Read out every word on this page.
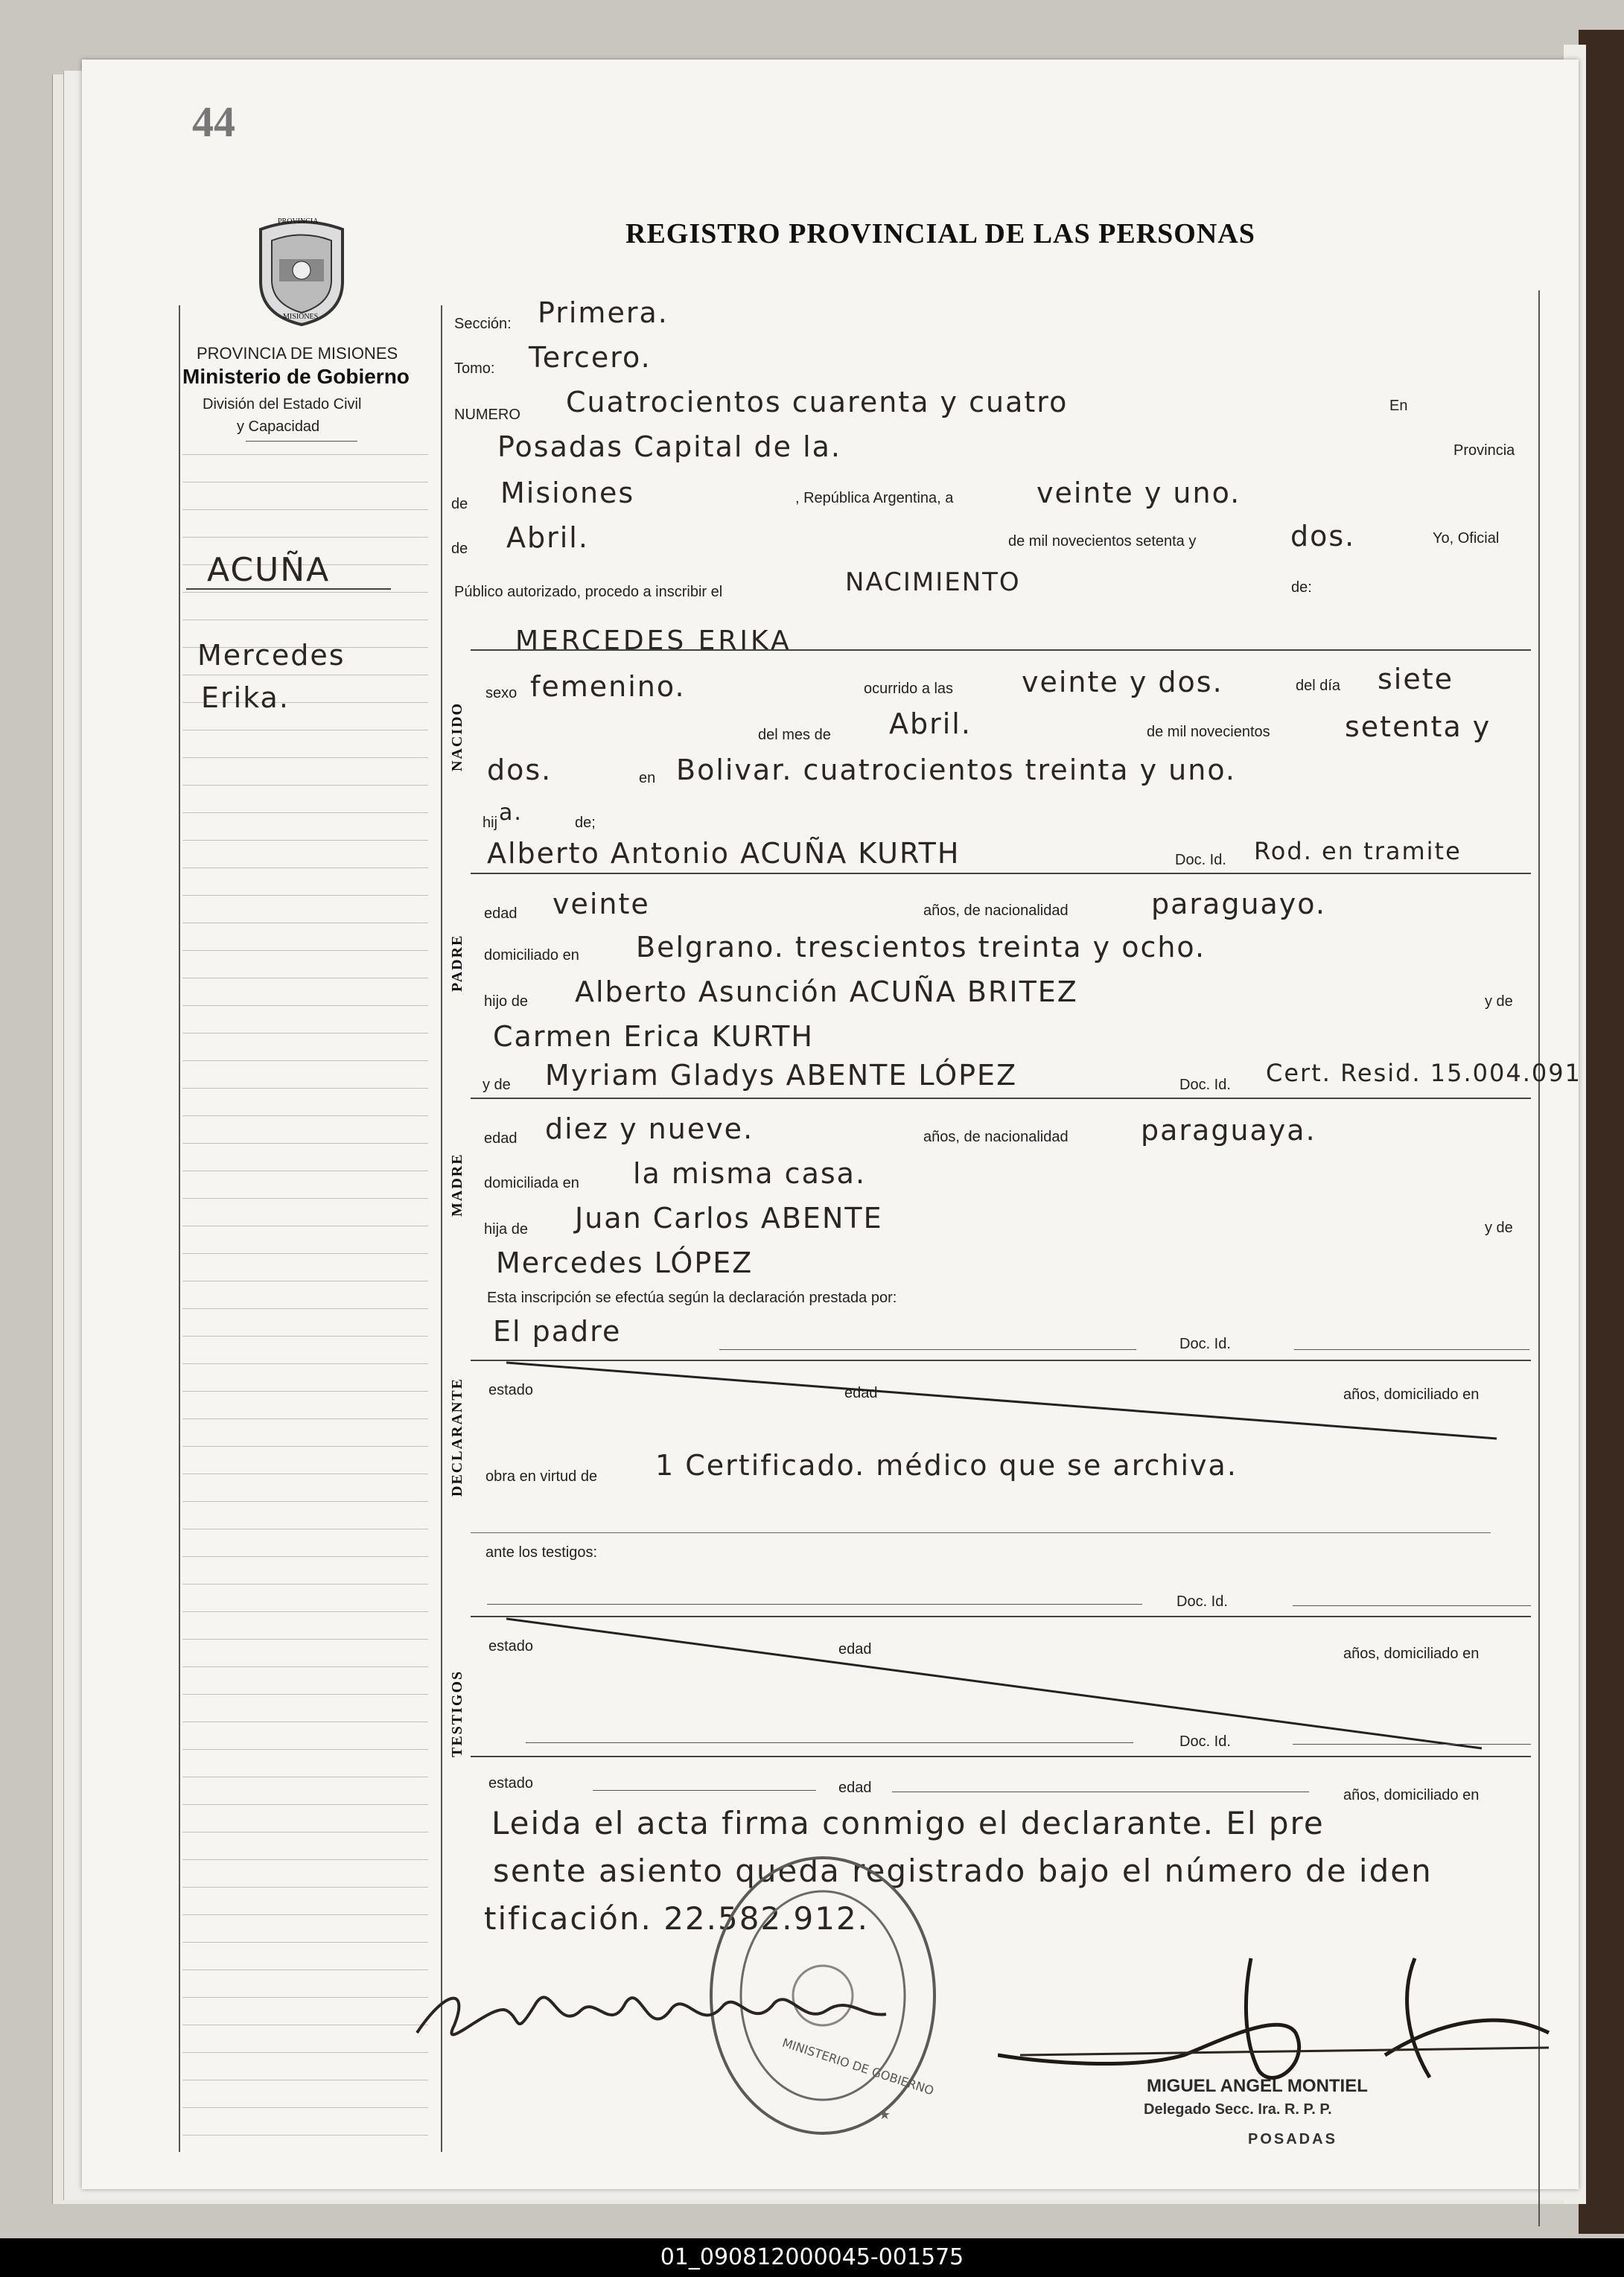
44
PROVINCIA
MISIONES
REGISTRO PROVINCIAL DE LAS PERSONAS
PROVINCIA DE MISIONES
Ministerio de Gobierno
División del Estado Civil
y Capacidad
ACUÑA
Mercedes
Erika.
Sección: Primera.
Tomo: Tercero.
NUMERO Cuatrocientos cuarenta y cuatro	En
Posadas Capital de la.	Provincia
de Misiones	, República Argentina, a	veinte y uno.
de Abril.	de mil novecientos setenta y	dos.	Yo, Oficial
Público autorizado, procedo a inscribir el	NACIMIENTO	de:
NACIDO
MERCEDES ERIKA
sexo femenino.	ocurrido a las veinte y dos.	del día siete
del mes de Abril.	de mil novecientos	setenta y
dos.	en Bolivar. cuatrocientos treinta y uno.
hij a.	de;
PADRE
Alberto Antonio ACUÑA KURTH	Doc. Id. Rod. en tramite
edad veinte	años, de nacionalidad	paraguayo.
domiciliado en Belgrano. trescientos treinta y ocho.
hijo de Alberto Asunción ACUÑA BRITEZ	y de
Carmen Erica KURTH
MADRE
y de Myriam Gladys ABENTE LÓPEZ	Doc. Id. Cert. Resid. 15.004.091
edad diez y nueve.	años, de nacionalidad	paraguaya.
domiciliada en la misma casa.
hija de Juan Carlos ABENTE	y de
Mercedes LÓPEZ
Esta inscripción se efectúa según la declaración prestada por:
DECLARANTE
El padre	Doc. Id.
estado	edad	años, domiciliado en
obra en virtud de 1 Certificado. médico que se archiva.
ante los testigos:
TESTIGOS
Doc. Id.
estado	edad	años, domiciliado en
Doc. Id.
estado	edad	años, domiciliado en
Leida el acta firma conmigo el declarante. El pre
sente asiento queda registrado bajo el número de iden
tificación. 22.582.912.
★
MINISTERIO DE GOBIERNO	MIGUEL ANGEL MONTIEL
Delegado Secc. Ira. R. P. P.
POSADAS
01_090812000045-001575
